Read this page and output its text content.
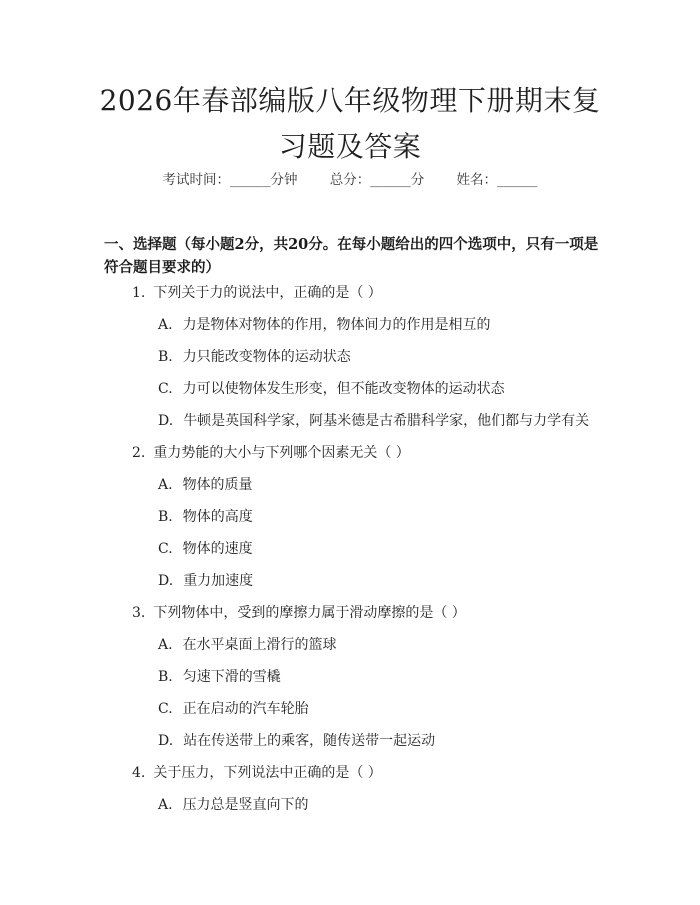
2026年春部编版八年级物理下册期末复习题及答案
考试时间：______分钟 总分：______分 姓名：______
一、选择题（每小题2分，共20分。在每小题给出的四个选项中，只有一项是符合题目要求的）
1. 下列关于力的说法中，正确的是（ ）
A. 力是物体对物体的作用，物体间力的作用是相互的
B. 力只能改变物体的运动状态
C. 力可以使物体发生形变，但不能改变物体的运动状态
D. 牛顿是英国科学家，阿基米德是古希腊科学家，他们都与力学有关
2. 重力势能的大小与下列哪个因素无关（ ）
A. 物体的质量
B. 物体的高度
C. 物体的速度
D. 重力加速度
3. 下列物体中，受到的摩擦力属于滑动摩擦的是（ ）
A. 在水平桌面上滑行的篮球
B. 匀速下滑的雪橇
C. 正在启动的汽车轮胎
D. 站在传送带上的乘客，随传送带一起运动
4. 关于压力，下列说法中正确的是（ ）
A. 压力总是竖直向下的
